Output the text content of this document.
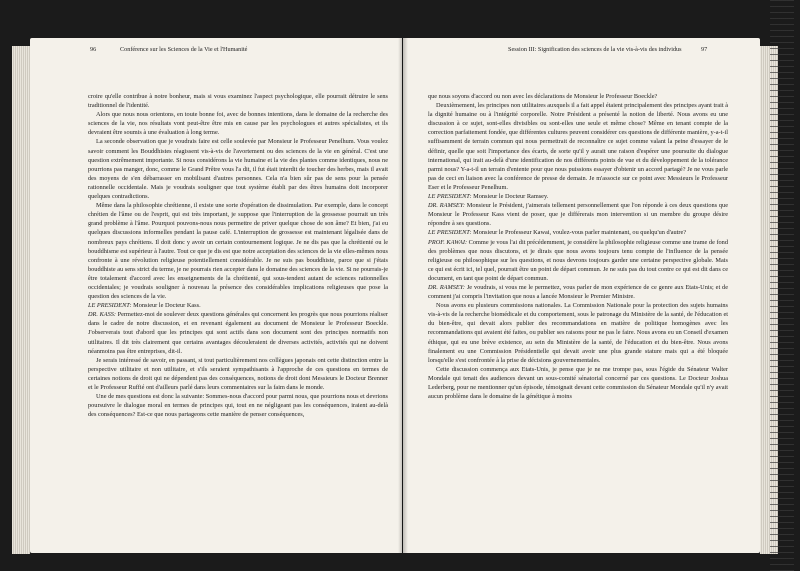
96	Conférence sur les Sciences de la Vie et l'Humanité	Session III: Signification des sciences de la vie vis-à-vis des individus	97

croire qu'elle contribue à notre bonheur, mais si vous examinez l'aspect psychologique, elle pourrait détruire le sens traditionnel de l'identité.

Alors que nous nous orientons, en toute bonne foi, avec de bonnes intentions, dans le domaine de la recherche des sciences de la vie, nos résultats vont peut-être être mis en cause par les psychologues et autres spécialistes, et ils devraient être soumis à une évaluation à long terme.

La seconde observation que je voudrais faire est celle soulevée par Monsieur le Professeur Penelhum. Vous voulez savoir comment les Bouddhistes réagissent vis-à-vis de l'avortement ou des sciences de la vie en général. C'est une question extrêmement importante. Si nous considérons la vie humaine et la vie des plantes comme identiques, nous ne pourrions pas manger, donc, comme le Grand Prêtre vous l'a dit, il fut était interdit de toucher des herbes, mais il avait des moyens de s'en débarrasser en mobilisant d'autres personnes. Cela n'a bien sûr pas de sens pour la pensée rationnelle occidentale. Mais je voudrais souligner que tout système établi par des êtres humains doit incorporer quelques contradictions.

Même dans la philosophie chrétienne, il existe une sorte d'opération de dissimulation. Par exemple, dans le concept chrétien de l'âme ou de l'esprit, qui est très important, je suppose que l'interruption de la grossesse pourrait un très grand problème à l'âme. Pourquoi pouvons-nous nous permettre de priver quelque chose de son âme? Et bien, j'ai eu quelques discussions informelles pendant la pause café. L'interruption de grossesse est maintenant légalisée dans de nombreux pays chrétiens. Il doit donc y avoir un certain contournement logique. Je ne dis pas que la chrétienté ou le bouddhisme est supérieur à l'autre. Tout ce que je dis est que notre acceptation des sciences de la vie elles-mêmes nous confronte à une révolution religieuse potentiellement considérable. Je ne suis pas bouddhiste, parce que si j'étais bouddhiste au sens strict du terme, je ne pourrais rien accepter dans le domaine des sciences de la vie. Si ne pourrais-je être totalement d'accord avec les enseignements de la chrétienté, qui sous-tendent autant de sciences rationnelles occidentales; je voudrais souligner à nouveau la présence des considérables implications religieuses que pose la question des sciences de la vie.

LE PRESIDENT: Monsieur le Docteur Kass.

DR. KASS: Permettez-moi de soulever deux questions générales qui concernent les progrès que nous pourrions réaliser dans le cadre de notre discussion, et en revenant également au document de Monsieur le Professeur Boeckle. J'observerais tout d'abord que les principes qui sont actifs dans son document sont des principes normatifs non utilitaires. Il dit très clairement que certains avantages découleraient de diverses activités, activités qui ne doivent néanmoins pas être entreprises, dit-il.

Je serais intéressé de savoir, en passant, si tout particulièrement nos collègues japonais ont cette distinction entre la perspective utilitaire et non utilitaire, et s'ils seraient sympathisants à l'approche de ces questions en termes de certaines notions de droit qui ne dépendent pas des conséquences, notions de droit dont Messieurs le Docteur Brenner et le Professeur Ruffié ont d'ailleurs parlé dans leurs commentaires sur la faim dans le monde.

Une de mes questions est donc la suivante: Sommes-nous d'accord pour parmi nous, que pourrions nous et devrions poursuivre le dialogue moral en termes de principes qui, tout en ne négligeant pas les conséquences, iraient au-delà des conséquences? Est-ce que nous partageons cette manière de penser conséquences,

que nous soyons d'accord ou non avec les déclarations de Monsieur le Professeur Boeckle?

Deuxièmement, les principes non utilitaires auxquels il a fait appel étaient principalement des principes ayant trait à la dignité humaine ou à l'intégrité corporelle. Notre Président a présenté la notion de liberté. Nous avons eu une discussion à ce sujet, sont-elles divisibles ou sont-elles une seule et même chose? Même en tenant compte de la correction parfaitement fondée, que différentes cultures peuvent considérer ces questions de différente manière, y-a-t-il suffisamment de terrain commun qui nous permettrait de reconnaître ce sujet comme valant la peine d'essayer de le définir, quelle que soit l'importance des écarts, de sorte qu'il y aurait une raison d'espérer une poursuite du dialogue international, qui irait au-delà d'une identification de nos différents points de vue et du développement de la tolérance parmi nous? Y-a-t-il un terrain d'entente pour que nous puissions essayer d'obtenir un accord partagé? Je ne vous parle pas de ceci en liaison avec la conférence de presse de demain. Je m'associe sur ce point avec Messieurs le Professeur Eser et le Professeur Penelhum.

LE PRESIDENT: Monsieur le Docteur Ramsey.

DR. RAMSEY: Monsieur le Président, j'aimerais tellement personnellement que l'on réponde à ces deux questions que Monsieur le Professeur Kass vient de poser, que je différerais mon intervention si un membre du groupe désire répondre à ses questions.

LE PRESIDENT: Monsieur le Professeur Kawai, voulez-vous parler maintenant, ou quelqu'un d'autre?

PROF. KAWAI: Comme je vous l'ai dit précédemment, je considère la philosophie religieuse comme une trame de fond des problèmes que nous discutons, et je dirais que nous avons toujours tenu compte de l'influence de la pensée religieuse ou philosophique sur les questions, et nous devrons toujours garder une certaine perspective globale. Mais ce qui est écrit ici, tel quel, pourrait être un point de départ commun. Je ne suis pas du tout contre ce qui est dit dans ce document, en tant que point de départ commun.

DR. RAMSEY: Je voudrais, si vous me le permettez, vous parler de mon expérience de ce genre aux Etats-Unis; et de comment j'ai compris l'invitation que nous a lancée Monsieur le Premier Ministre.

Nous avons eu plusieurs commissions nationales. La Commission Nationale pour la protection des sujets humains vis-à-vis de la recherche biomédicale et du comportement, sous le patronage du Ministère de la santé, de l'éducation et du bien-être, qui devait alors publier des recommandations en matière de politique homogènes avec les recommandations qui avaient été faites, ou publier ses raisons pour ne pas le faire. Nous avons eu un Conseil d'examen éthique, qui eu une brève existence, au sein du Ministère de la santé, de l'éducation et du bien-être. Nous avons finalement eu une Commission Présidentielle qui devait avoir une plus grande stature mais qui a été bloquée lorsqu'elle s'est confrontée à la prise de décisions gouvernementales.

Cette discussion commença aux Etats-Unis, je pense que je ne me trompe pas, sous l'égide du Sénateur Walter Mondale qui tenait des audiences devant un sous-comité sénatorial concerné par ces questions. Le Docteur Joshua Lederberg, pour ne mentionner qu'un épisode, témoignait devant cette commission du Sénateur Mondale qu'il n'y avait aucun problème dans le domaine de la génétique à moins
